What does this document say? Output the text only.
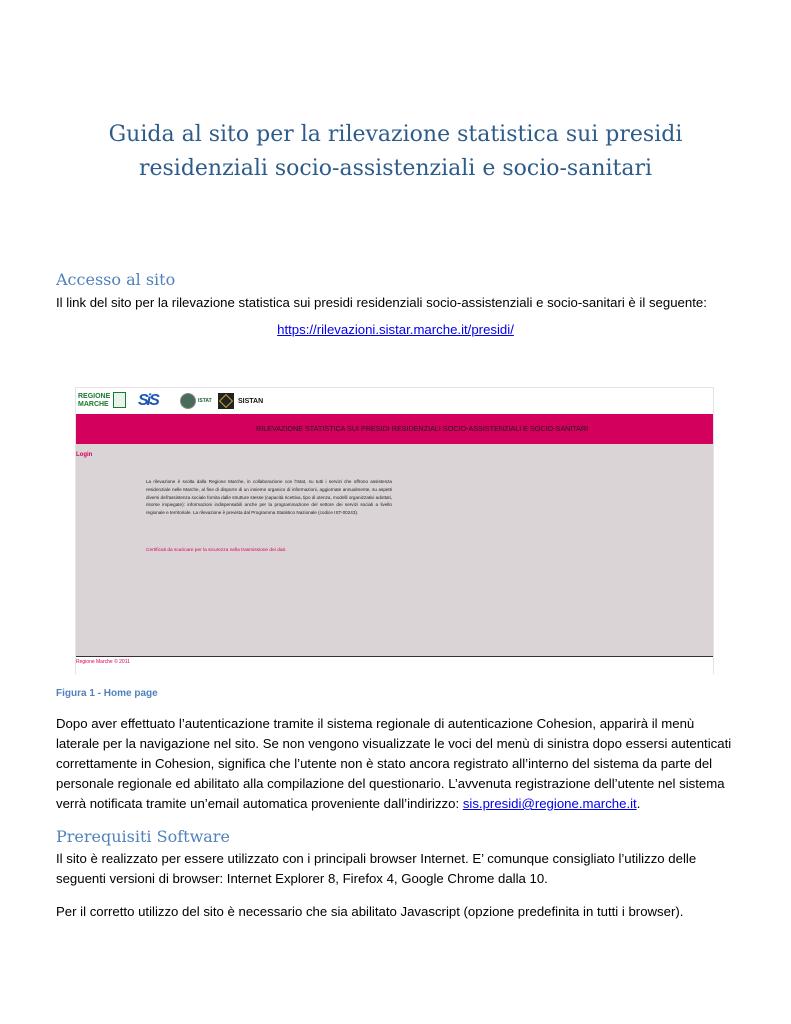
Guida al sito per la rilevazione statistica sui presidi
residenziali socio-assistenziali e socio-sanitari
Accesso al sito
Il link del sito per la rilevazione statistica sui presidi residenziali socio-assistenziali e socio-sanitari è il seguente:
https://rilevazioni.sistar.marche.it/presidi/
REGIONE
MARCHE SiS	ISTAT	SISTAN
RILEVAZIONE STATISTICA SUI PRESIDI RESIDENZIALI SOCIO-ASSISTENZIALI E SOCIO-SANITARI
Login
La rilevazione è svolta dalla Regione Marche, in collaborazione con l'Istat, su tutti i servizi che offrono assistenza residenziale nelle Marche, al fine di disporre di un insieme organico di informazioni, aggiornate annualmente, su aspetti diversi dell'assistenza sociale fornita dalle strutture stesse (capacità ricettiva, tipo di utenza, modelli organizzativi adottati, risorse impiegate): informazioni indispensabili anche per la programmazione del settore dei servizi sociali a livello regionale e territoriale. La rilevazione è prevista dal Programma Statistico Nazionale (codice IST-00243).
Certificati da scaricare per la sicurezza nella trasmissione dei dati.
Regione Marche © 2011
Figura 1 - Home page
Dopo aver effettuato l’autenticazione tramite il sistema regionale di autenticazione Cohesion, apparirà il menù laterale per la navigazione nel sito. Se non vengono visualizzate le voci del menù di sinistra dopo essersi autenticati correttamente in Cohesion, significa che l’utente non è stato ancora registrato all’interno del sistema da parte del personale regionale ed abilitato alla compilazione del questionario. L’avvenuta registrazione dell’utente nel sistema verrà notificata tramite un’email automatica proveniente dall’indirizzo: sis.presidi@regione.marche.it.
Prerequisiti Software
Il sito è realizzato per essere utilizzato con i principali browser Internet. E’ comunque consigliato l’utilizzo delle seguenti versioni di browser: Internet Explorer 8, Firefox 4, Google Chrome dalla 10.
Per il corretto utilizzo del sito è necessario che sia abilitato Javascript (opzione predefinita in tutti i browser).
